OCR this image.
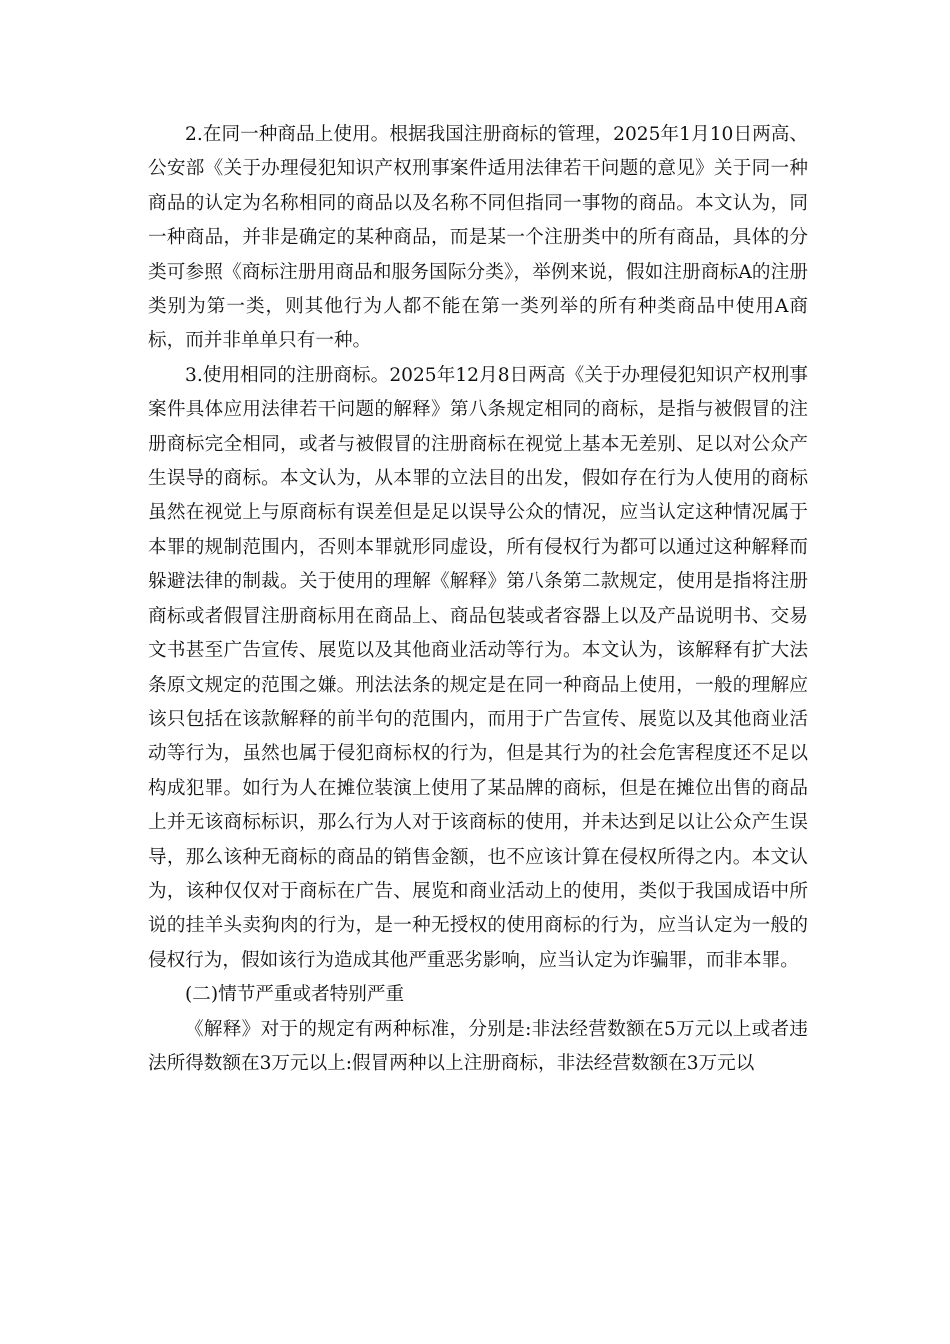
2.在同一种商品上使用。根据我国注册商标的管理，2025年1月10日两高、公安部《关于办理侵犯知识产权刑事案件适用法律若干问题的意见》关于同一种商品的认定为名称相同的商品以及名称不同但指同一事物的商品。本文认为，同一种商品，并非是确定的某种商品，而是某一个注册类中的所有商品，具体的分类可参照《商标注册用商品和服务国际分类》，举例来说，假如注册商标A的注册类别为第一类，则其他行为人都不能在第一类列举的所有种类商品中使用A商标，而并非单单只有一种。

3.使用相同的注册商标。2025年12月8日两高《关于办理侵犯知识产权刑事案件具体应用法律若干问题的解释》第八条规定相同的商标，是指与被假冒的注册商标完全相同，或者与被假冒的注册商标在视觉上基本无差别、足以对公众产生误导的商标。本文认为，从本罪的立法目的出发，假如存在行为人使用的商标虽然在视觉上与原商标有误差但是足以误导公众的情况，应当认定这种情况属于本罪的规制范围内，否则本罪就形同虚设，所有侵权行为都可以通过这种解释而躲避法律的制裁。关于使用的理解《解释》第八条第二款规定，使用是指将注册商标或者假冒注册商标用在商品上、商品包装或者容器上以及产品说明书、交易文书甚至广告宣传、展览以及其他商业活动等行为。本文认为，该解释有扩大法条原文规定的范围之嫌。刑法法条的规定是在同一种商品上使用，一般的理解应该只包括在该款解释的前半句的范围内，而用于广告宣传、展览以及其他商业活动等行为，虽然也属于侵犯商标权的行为，但是其行为的社会危害程度还不足以构成犯罪。如行为人在摊位装演上使用了某品牌的商标，但是在摊位出售的商品上并无该商标标识，那么行为人对于该商标的使用，并未达到足以让公众产生误导，那么该种无商标的商品的销售金额，也不应该计算在侵权所得之内。本文认为，该种仅仅对于商标在广告、展览和商业活动上的使用，类似于我国成语中所说的挂羊头卖狗肉的行为，是一种无授权的使用商标的行为，应当认定为一般的侵权行为，假如该行为造成其他严重恶劣影响，应当认定为诈骗罪，而非本罪。

(二)情节严重或者特别严重

《解释》对于的规定有两种标准，分别是:非法经营数额在5万元以上或者违法所得数额在3万元以上:假冒两种以上注册商标，非法经营数额在3万元以
